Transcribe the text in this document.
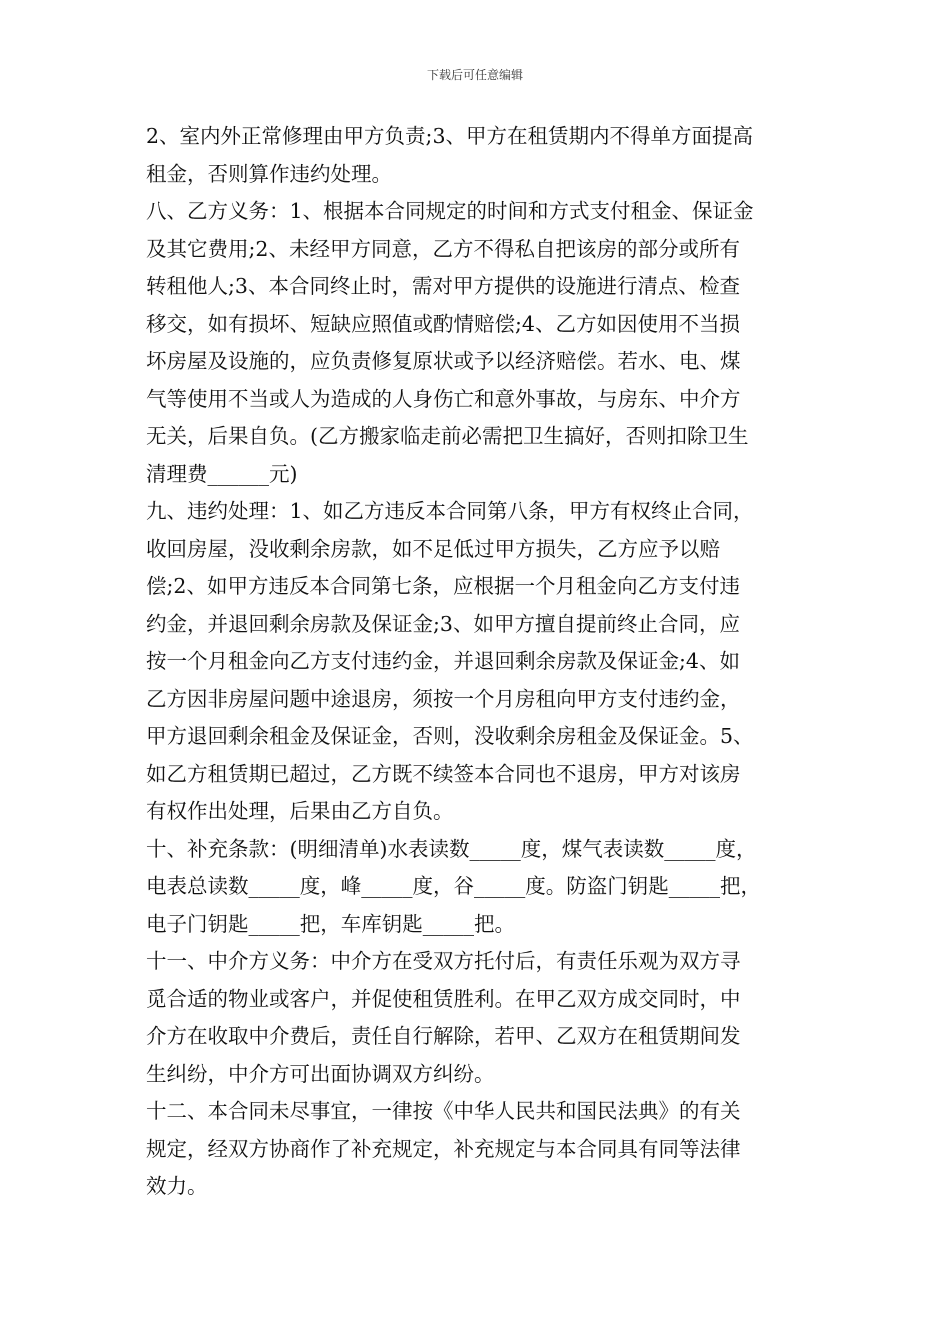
下载后可任意编辑
2、室内外正常修理由甲方负责;3、甲方在租赁期内不得单方面提高
租金，否则算作违约处理。
八、乙方义务：1、根据本合同规定的时间和方式支付租金、保证金
及其它费用;2、未经甲方同意，乙方不得私自把该房的部分或所有
转租他人;3、本合同终止时，需对甲方提供的设施进行清点、检查
移交，如有损坏、短缺应照值或酌情赔偿;4、乙方如因使用不当损
坏房屋及设施的，应负责修复原状或予以经济赔偿。若水、电、煤
气等使用不当或人为造成的人身伤亡和意外事故，与房东、中介方
无关，后果自负。(乙方搬家临走前必需把卫生搞好，否则扣除卫生
清理费______元)
九、违约处理：1、如乙方违反本合同第八条，甲方有权终止合同，
收回房屋，没收剩余房款，如不足低过甲方损失，乙方应予以赔
偿;2、如甲方违反本合同第七条，应根据一个月租金向乙方支付违
约金，并退回剩余房款及保证金;3、如甲方擅自提前终止合同，应
按一个月租金向乙方支付违约金，并退回剩余房款及保证金;4、如
乙方因非房屋问题中途退房，须按一个月房租向甲方支付违约金，
甲方退回剩余租金及保证金，否则，没收剩余房租金及保证金。5、
如乙方租赁期已超过，乙方既不续签本合同也不退房，甲方对该房
有权作出处理，后果由乙方自负。
十、补充条款：(明细清单)水表读数_____度，煤气表读数_____度，
电表总读数_____度，峰_____度，谷_____度。防盗门钥匙_____把，
电子门钥匙_____把，车库钥匙_____把。
十一、中介方义务：中介方在受双方托付后，有责任乐观为双方寻
觅合适的物业或客户，并促使租赁胜利。在甲乙双方成交同时，中
介方在收取中介费后，责任自行解除，若甲、乙双方在租赁期间发
生纠纷，中介方可出面协调双方纠纷。
十二、本合同未尽事宜，一律按《中华人民共和国民法典》的有关
规定，经双方协商作了补充规定，补充规定与本合同具有同等法律
效力。
